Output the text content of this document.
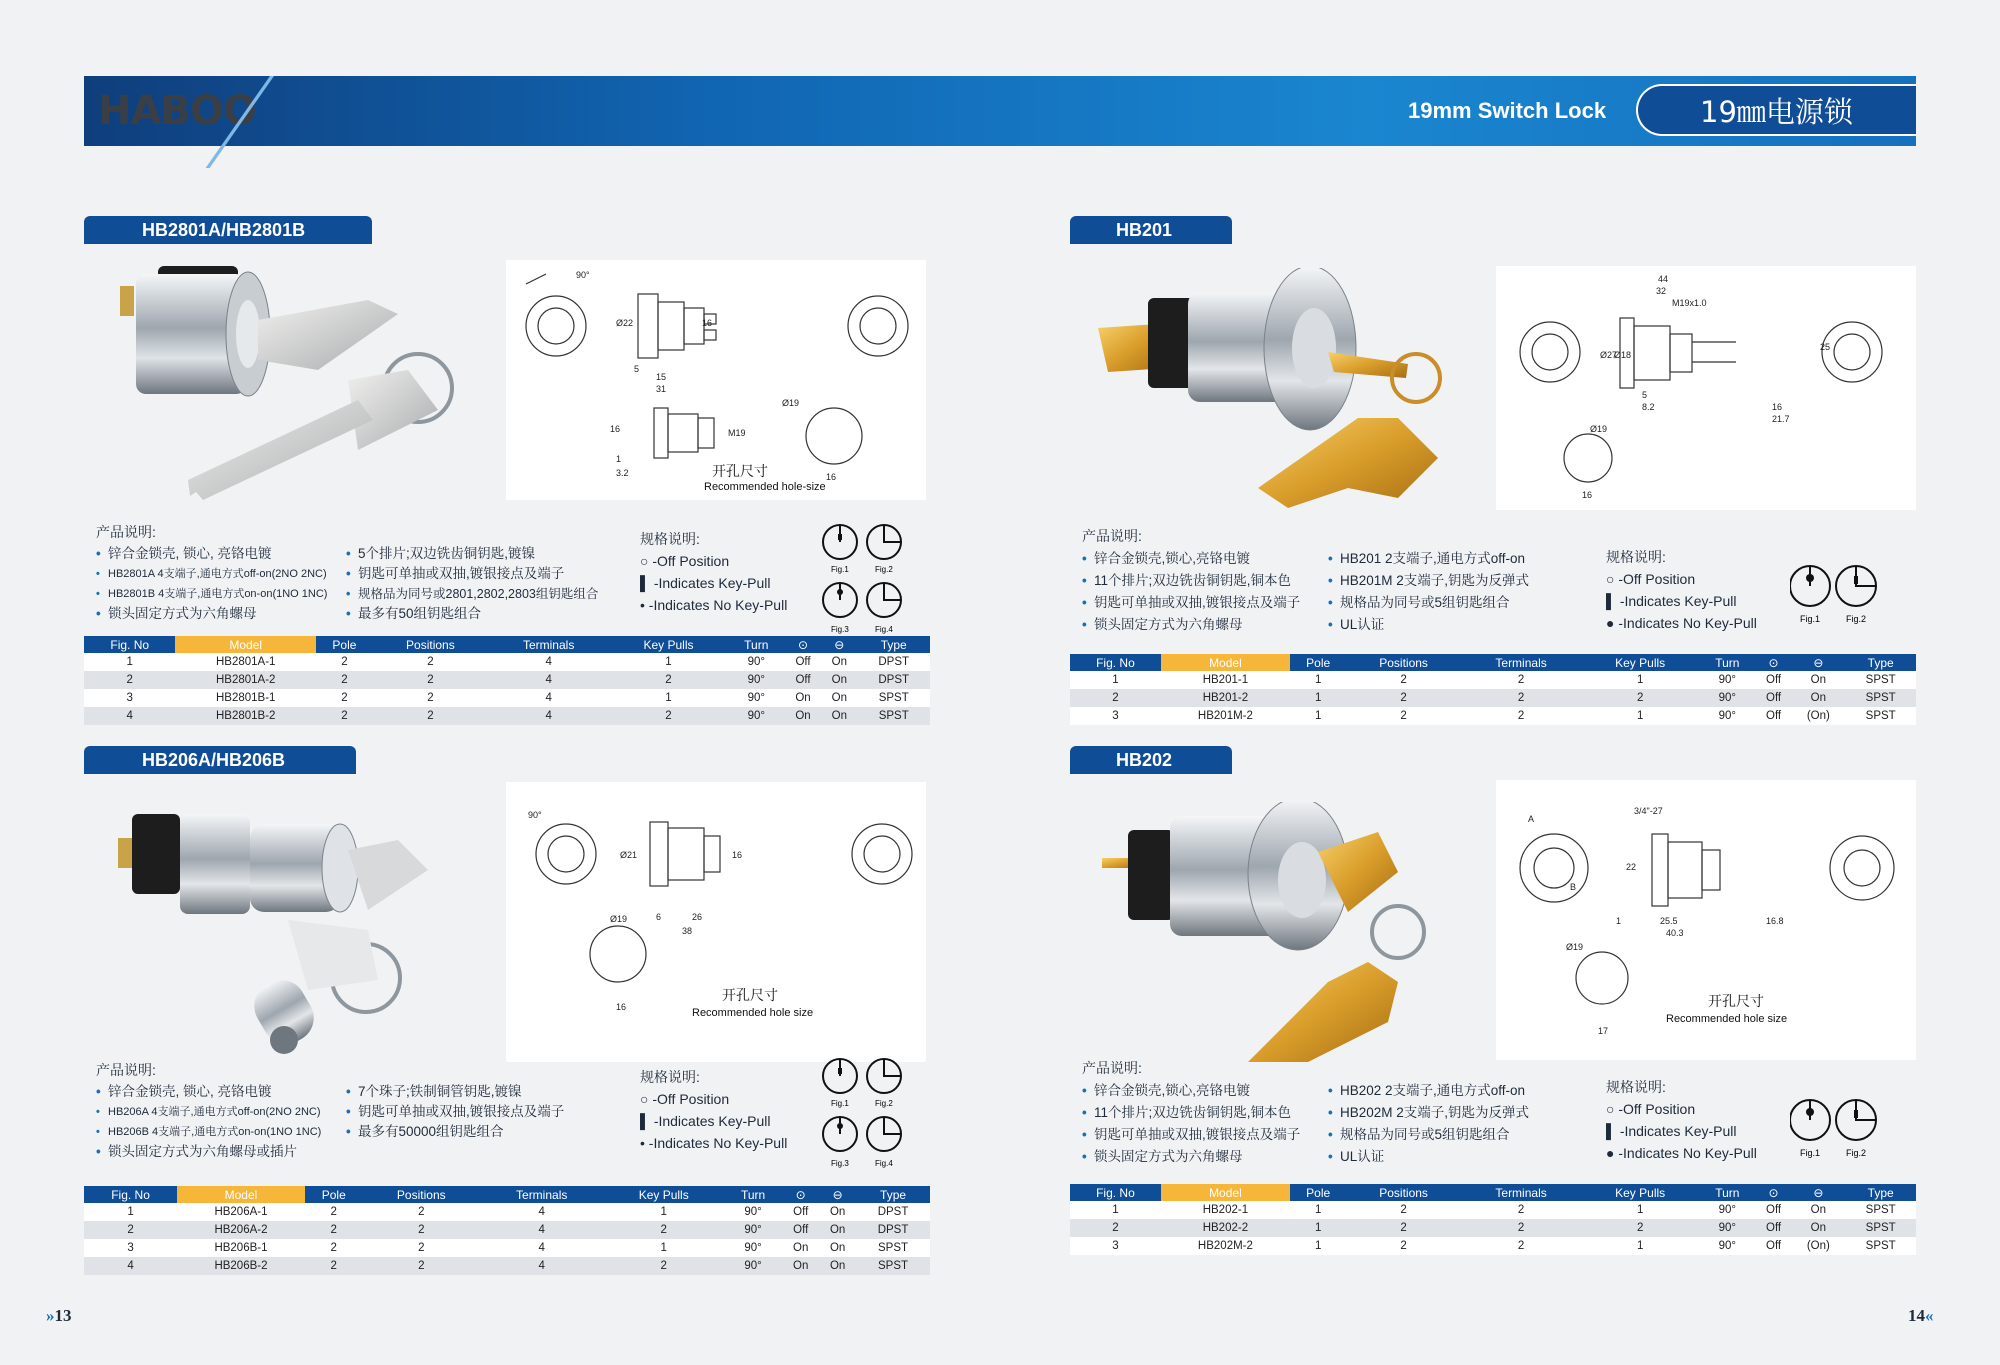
HABOO	19mm Switch Lock	19㎜电源锁
HB2801A/HB2801B
90°
Ø22
15
5
31
16
16	M19
3.2
1
Ø19
16
开孔尺寸
Recommended hole-size
产品说明:
• 锌合金锁壳, 锁心, 亮铬电镀
• HB2801A 4支端子,通电方式off-on(2NO 2NC)
• HB2801B 4支端子,通电方式on-on(1NO 1NC)
• 锁头固定方式为六角螺母
• 5个排片;双边铣齿铜钥匙,镀镍
• 钥匙可单抽或双抽,镀银接点及端子
• 规格品为同号或2801,2802,2803组钥匙组合
• 最多有50组钥匙组合
规格说明:
○ -Off Position
▌ -Indicates Key-Pull
• -Indicates No Key-Pull
Fig.1	Fig.2
Fig.3	Fig.4
Fig. No	Model	Pole	Positions	Terminals	Key Pulls	Turn	⊙	⊖	Type
1	HB2801A-1	2	2	4	1	90°	Off	On	DPST
2	HB2801A-2	2	2	4	2	90°	Off	On	DPST
3	HB2801B-1	2	2	4	1	90°	On	On	SPST
4	HB2801B-2	2	2	4	2	90°	On	On	SPST
HB206A/HB206B
90°
Ø21	16
6	26
38
Ø19
16
开孔尺寸
Recommended hole size
产品说明:
• 锌合金锁壳, 锁心, 亮铬电镀
• HB206A 4支端子,通电方式off-on(2NO 2NC)
• HB206B 4支端子,通电方式on-on(1NO 1NC)
• 锁头固定方式为六角螺母或插片
• 7个珠子;铁制铜管钥匙,镀镍
• 钥匙可单抽或双抽,镀银接点及端子
• 最多有50000组钥匙组合
规格说明:
○ -Off Position
▌ -Indicates Key-Pull
• -Indicates No Key-Pull
Fig.1	Fig.2
Fig.3	Fig.4
Fig. No	Model	Pole	Positions	Terminals	Key Pulls	Turn	⊙	⊖	Type
1	HB206A-1	2	2	4	1	90°	Off	On	DPST
2	HB206A-2	2	2	4	2	90°	Off	On	DPST
3	HB206B-1	2	2	4	1	90°	On	On	SPST
4	HB206B-2	2	2	4	2	90°	On	On	SPST
HB201
44
32
M19x1.0
Ø27
Ø18
5
8.2	16
21.7
25
Ø19
16
产品说明:
• 锌合金锁壳,锁心,亮铬电镀
• 11个排片;双边铣齿铜钥匙,铜本色
• 钥匙可单抽或双抽,镀银接点及端子
• 锁头固定方式为六角螺母
• HB201 2支端子,通电方式off-on
• HB201M 2支端子,钥匙为反弹式
• 规格品为同号或5组钥匙组合
• UL认证
规格说明:
○ -Off Position
▌ -Indicates Key-Pull
● -Indicates No Key-Pull	Fig.1	Fig.2
Fig. No	Model	Pole	Positions	Terminals	Key Pulls	Turn	⊙	⊖	Type
1	HB201-1	1	2	2	1	90°	Off	On	SPST
2	HB201-2	1	2	2	2	90°	Off	On	SPST
3	HB201M-2	1	2	2	1	90°	Off	(On)	SPST
HB202
A
B
3/4"-27
22
1	25.5
40.3
16.8
Ø19
17
开孔尺寸
Recommended hole size
产品说明:
• 锌合金锁壳,锁心,亮铬电镀
• 11个排片;双边铣齿铜钥匙,铜本色
• 钥匙可单抽或双抽,镀银接点及端子
• 锁头固定方式为六角螺母
• HB202 2支端子,通电方式off-on
• HB202M 2支端子,钥匙为反弹式
• 规格品为同号或5组钥匙组合
• UL认证
规格说明:
○ -Off Position
▌ -Indicates Key-Pull
● -Indicates No Key-Pull	Fig.1	Fig.2
Fig. No	Model	Pole	Positions	Terminals	Key Pulls	Turn	⊙	⊖	Type
1	HB202-1	1	2	2	1	90°	Off	On	SPST
2	HB202-2	1	2	2	2	90°	Off	On	SPST
3	HB202M-2	1	2	2	1	90°	Off	(On)	SPST
»13	14«
